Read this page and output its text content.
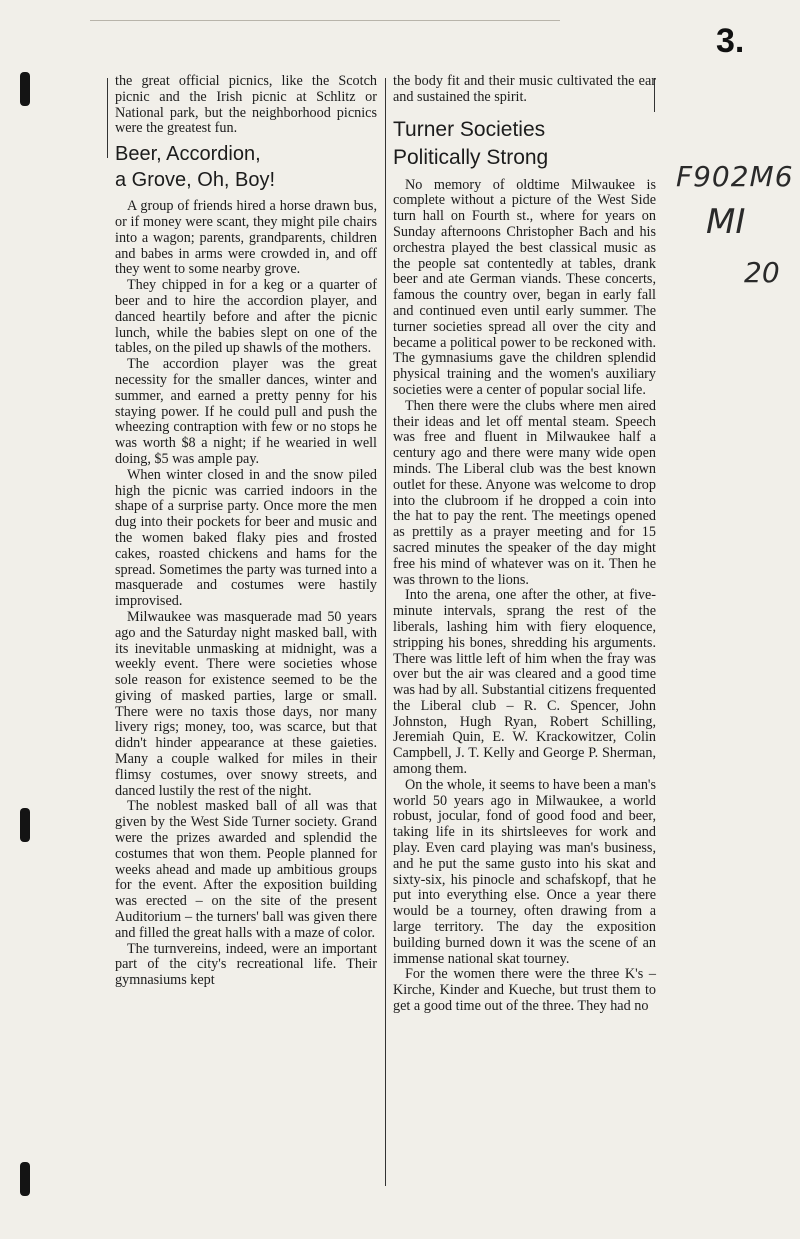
3.
F902M6
MI
20

the great official picnics, like the Scotch picnic and the Irish picnic at Schlitz or National park, but the neighborhood picnics were the greatest fun.

Beer, Accordion,
a Grove, Oh, Boy!

A group of friends hired a horse drawn bus, or if money were scant, they might pile chairs into a wagon; parents, grandparents, children and babes in arms were crowded in, and off they went to some nearby grove.

They chipped in for a keg or a quarter of beer and to hire the accordion player, and danced heartily before and after the picnic lunch, while the babies slept on one of the tables, on the piled up shawls of the mothers.

The accordion player was the great necessity for the smaller dances, winter and summer, and earned a pretty penny for his staying power. If he could pull and push the wheezing contraption with few or no stops he was worth $8 a night; if he wearied in well doing, $5 was ample pay.

When winter closed in and the snow piled high the picnic was carried indoors in the shape of a surprise party. Once more the men dug into their pockets for beer and music and the women baked flaky pies and frosted cakes, roasted chickens and hams for the spread. Sometimes the party was turned into a masquerade and costumes were hastily improvised.

Milwaukee was masquerade mad 50 years ago and the Saturday night masked ball, with its inevitable unmasking at midnight, was a weekly event. There were societies whose sole reason for existence seemed to be the giving of masked parties, large or small. There were no taxis those days, nor many livery rigs; money, too, was scarce, but that didn't hinder appearance at these gaieties. Many a couple walked for miles in their flimsy costumes, over snowy streets, and danced lustily the rest of the night.

The noblest masked ball of all was that given by the West Side Turner society. Grand were the prizes awarded and splendid the costumes that won them. People planned for weeks ahead and made up ambitious groups for the event. After the exposition building was erected – on the site of the present Auditorium – the turners' ball was given there and filled the great halls with a maze of color.

The turnvereins, indeed, were an important part of the city's recreational life. Their gymnasiums kept

the body fit and their music cultivated the ear and sustained the spirit.

Turner Societies
Politically Strong

No memory of oldtime Milwaukee is complete without a picture of the West Side turn hall on Fourth st., where for years on Sunday afternoons Christopher Bach and his orchestra played the best classical music as the people sat contentedly at tables, drank beer and ate German viands. These concerts, famous the country over, began in early fall and continued even until early summer. The turner societies spread all over the city and became a political power to be reckoned with. The gymnasiums gave the children splendid physical training and the women's auxiliary societies were a center of popular social life.

Then there were the clubs where men aired their ideas and let off mental steam. Speech was free and fluent in Milwaukee half a century ago and there were many wide open minds. The Liberal club was the best known outlet for these. Anyone was welcome to drop into the clubroom if he dropped a coin into the hat to pay the rent. The meetings opened as prettily as a prayer meeting and for 15 sacred minutes the speaker of the day might free his mind of whatever was on it. Then he was thrown to the lions.

Into the arena, one after the other, at five-minute intervals, sprang the rest of the liberals, lashing him with fiery eloquence, stripping his bones, shredding his arguments. There was little left of him when the fray was over but the air was cleared and a good time was had by all. Substantial citizens frequented the Liberal club – R. C. Spencer, John Johnston, Hugh Ryan, Robert Schilling, Jeremiah Quin, E. W. Krackowitzer, Colin Campbell, J. T. Kelly and George P. Sherman, among them.

On the whole, it seems to have been a man's world 50 years ago in Milwaukee, a world robust, jocular, fond of good food and beer, taking life in its shirtsleeves for work and play. Even card playing was man's business, and he put the same gusto into his skat and sixty-six, his pinocle and schafskopf, that he put into everything else. Once a year there would be a tourney, often drawing from a large territory. The day the exposition building burned down it was the scene of an immense national skat tourney.

For the women there were the three K's – Kirche, Kinder and Kueche, but trust them to get a good time out of the three. They had no
